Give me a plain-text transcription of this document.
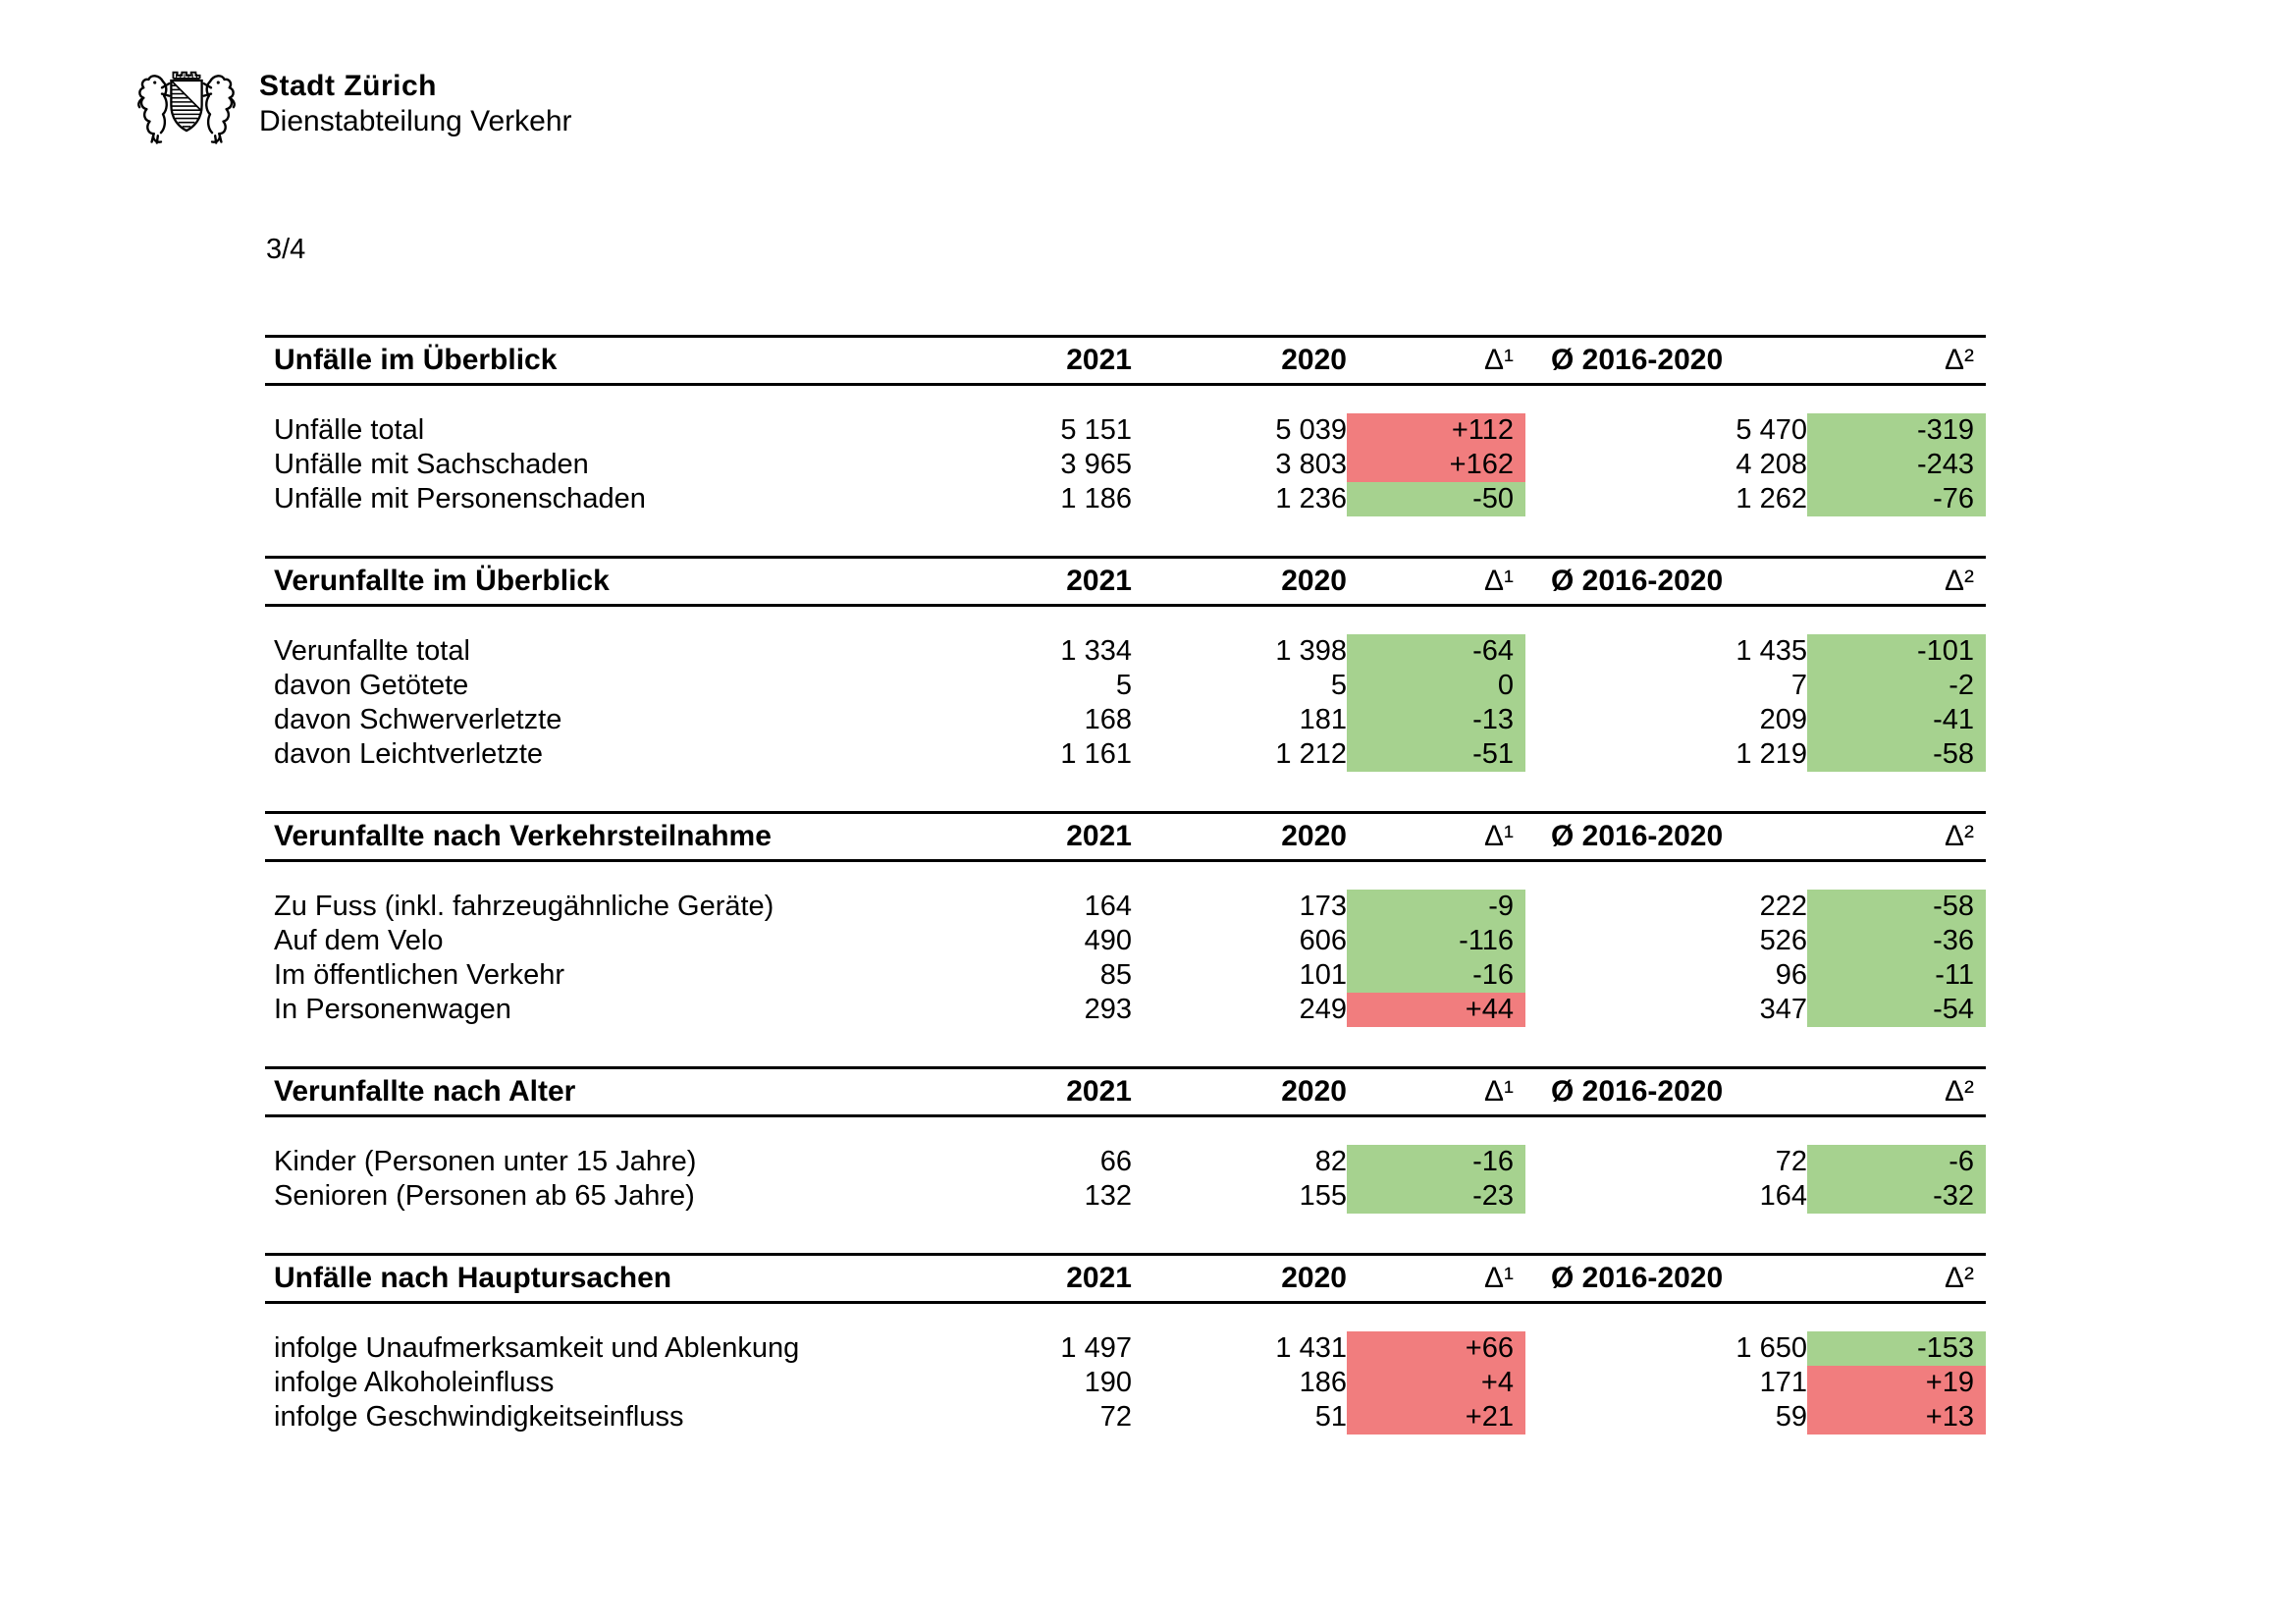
Stadt Zürich
Dienstabteilung Verkehr
3/4
Unfälle im Überblick	2021	2020	Δ¹	Ø 2016-2020	Δ²
Unfälle total	5 151	5 039	+112	5 470	-319
Unfälle mit Sachschaden	3 965	3 803	+162	4 208	-243
Unfälle mit Personenschaden	1 186	1 236	-50	1 262	-76
Verunfallte im Überblick	2021	2020	Δ¹	Ø 2016-2020	Δ²
Verunfallte total	1 334	1 398	-64	1 435	-101
davon Getötete	5	5	0	7	-2
davon Schwerverletzte	168	181	-13	209	-41
davon Leichtverletzte	1 161	1 212	-51	1 219	-58
Verunfallte nach Verkehrsteilnahme	2021	2020	Δ¹	Ø 2016-2020	Δ²
Zu Fuss (inkl. fahrzeugähnliche Geräte)	164	173	-9	222	-58
Auf dem Velo	490	606	-116	526	-36
Im öffentlichen Verkehr	85	101	-16	96	-11
In Personenwagen	293	249	+44	347	-54
Verunfallte nach Alter	2021	2020	Δ¹	Ø 2016-2020	Δ²
Kinder (Personen unter 15 Jahre)	66	82	-16	72	-6
Senioren (Personen ab 65 Jahre)	132	155	-23	164	-32
Unfälle nach Hauptursachen	2021	2020	Δ¹	Ø 2016-2020	Δ²
infolge Unaufmerksamkeit und Ablenkung	1 497	1 431	+66	1 650	-153
infolge Alkoholeinfluss	190	186	+4	171	+19
infolge Geschwindigkeitseinfluss	72	51	+21	59	+13
